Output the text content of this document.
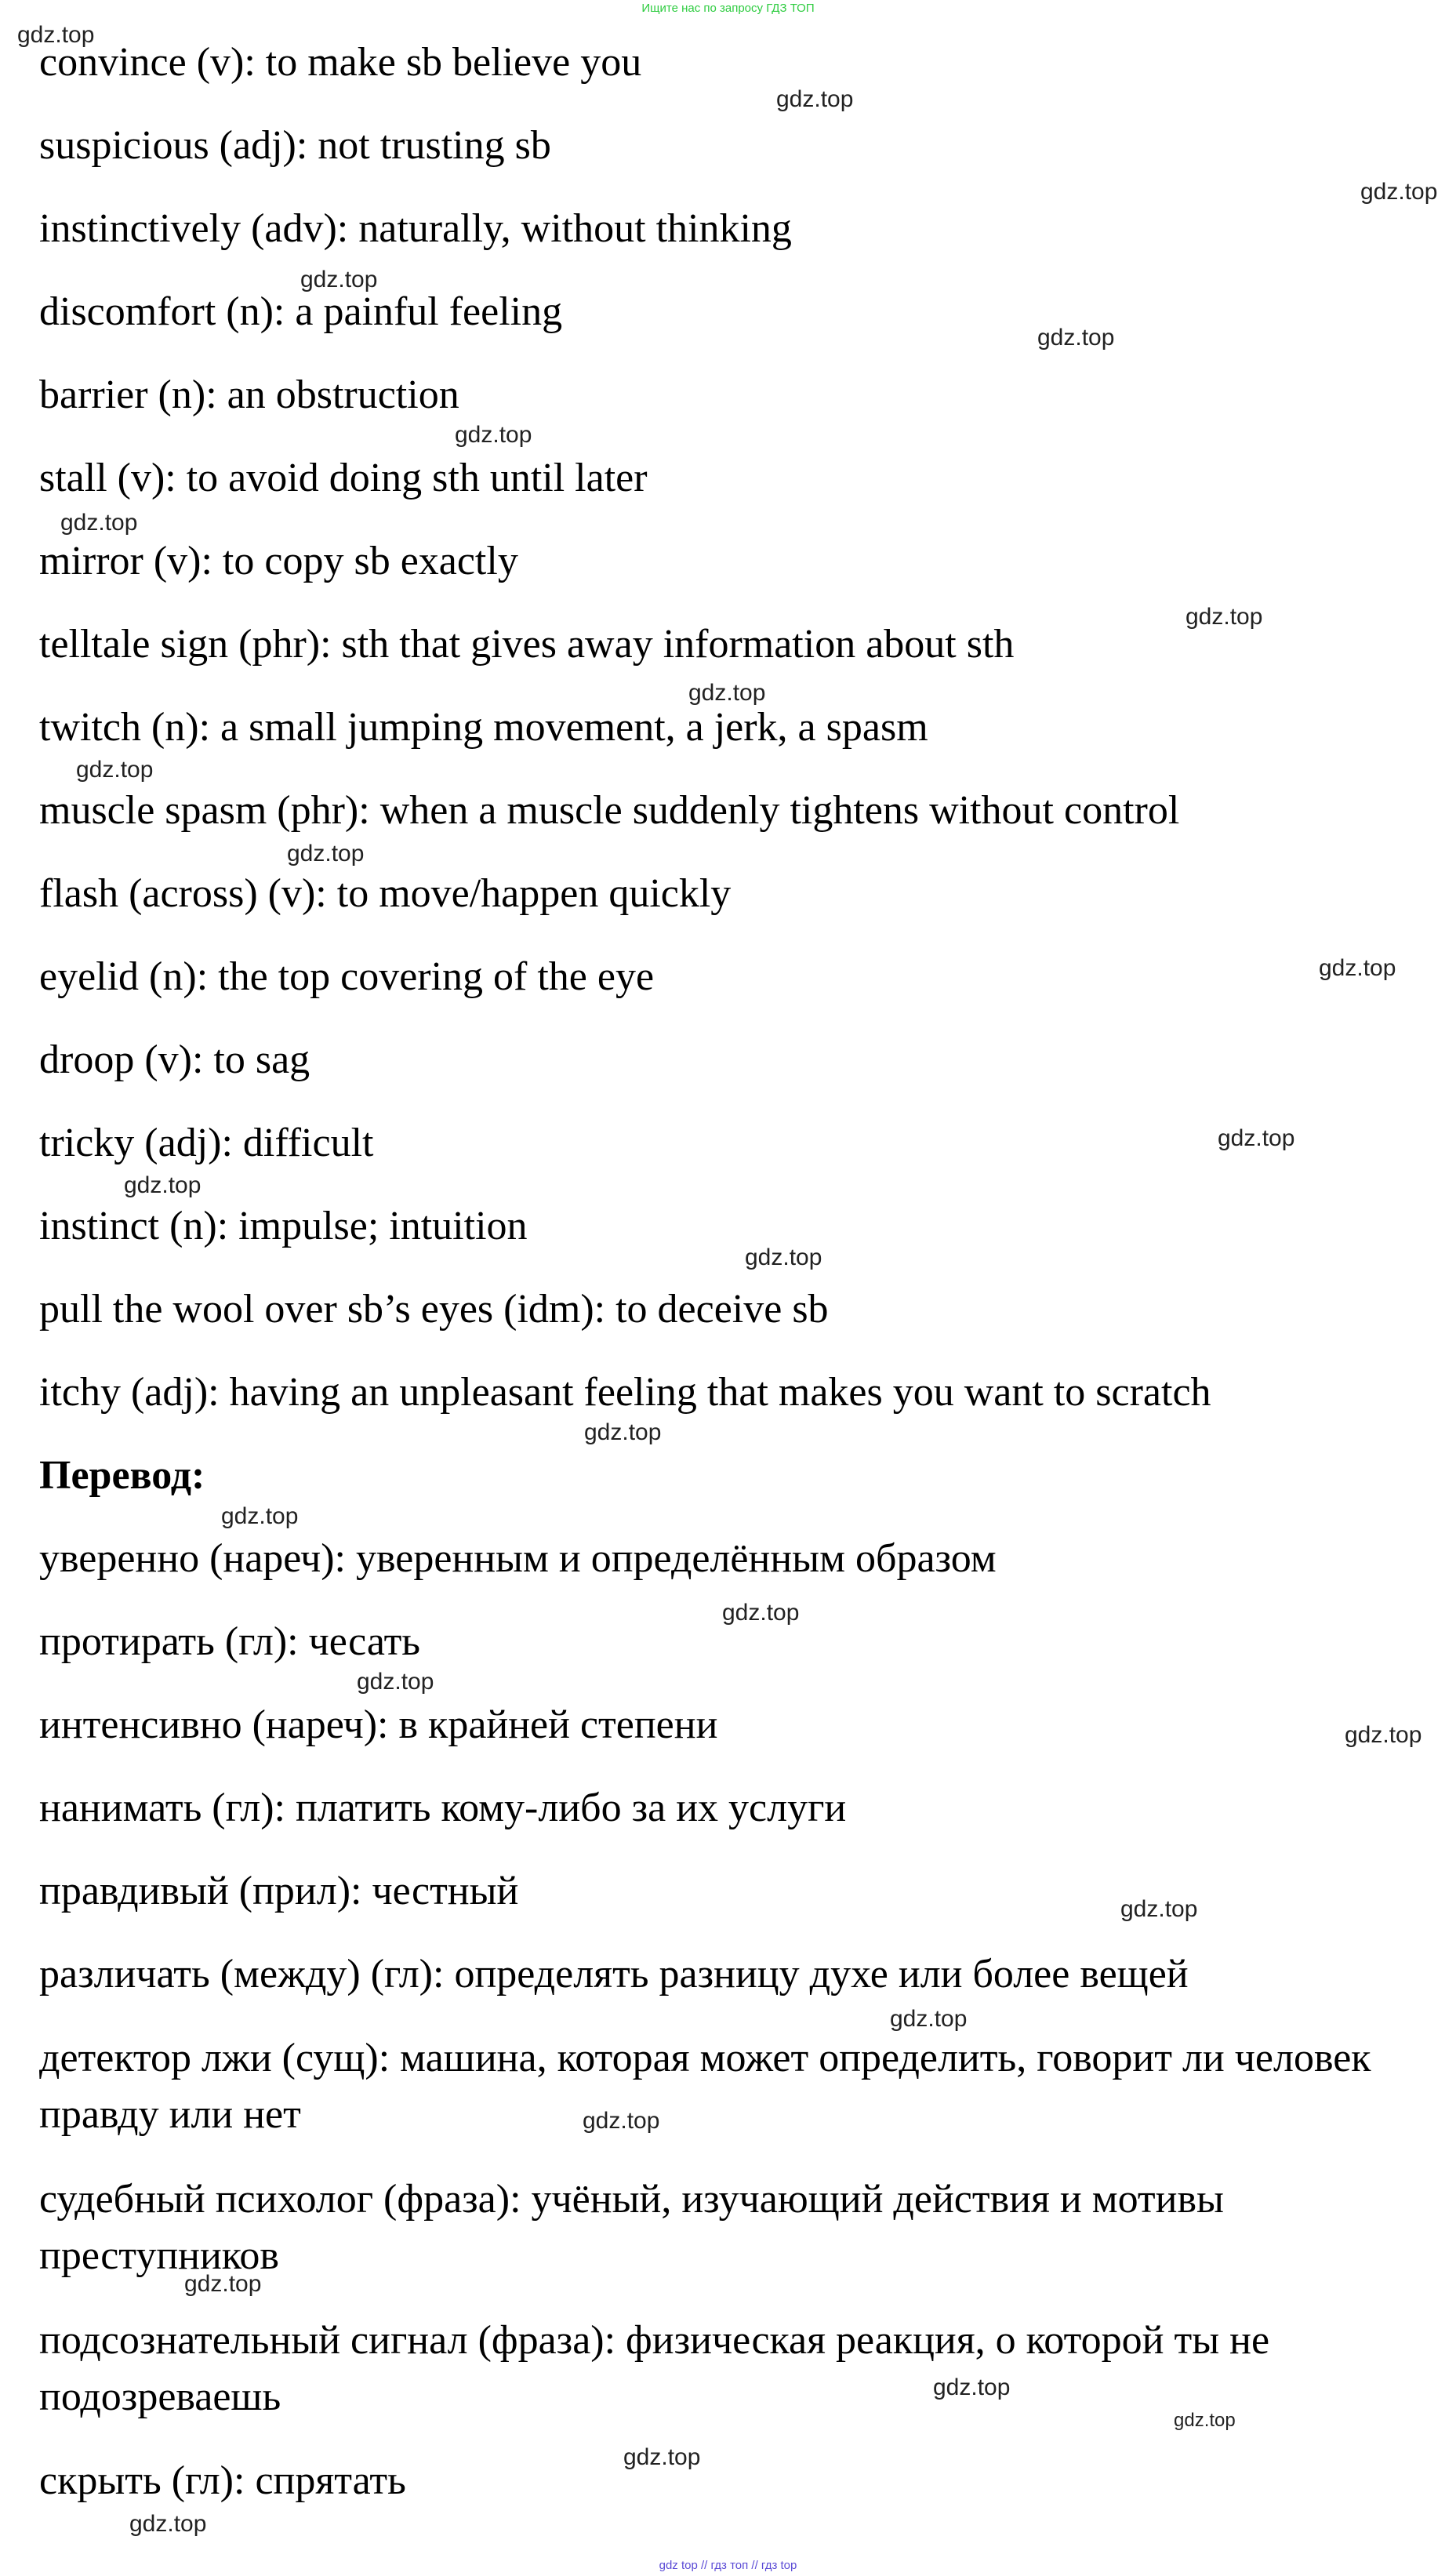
Ищите нас по запросу ГДЗ ТОП
convince (v): to make sb believe you
suspicious (adj): not trusting sb
instinctively (adv): naturally, without thinking
discomfort (n): a painful feeling
barrier (n): an obstruction
stall (v): to avoid doing sth until later
mirror (v): to copy sb exactly
telltale sign (phr): sth that gives away information about sth
twitch (n): a small jumping movement, a jerk, a spasm
muscle spasm (phr): when a muscle suddenly tightens without control
flash (across) (v): to move/happen quickly
eyelid (n): the top covering of the eye
droop (v): to sag
tricky (adj): difficult
instinct (n): impulse; intuition
pull the wool over sb’s eyes (idm): to deceive sb
itchy (adj): having an unpleasant feeling that makes you want to scratch
Перевод:
уверенно (нареч): уверенным и определённым образом
протирать (гл): чесать
интенсивно (нареч): в крайней степени
нанимать (гл): платить кому-либо за их услуги
правдивый (прил): честный
различать (между) (гл): определять разницу духе или более вещей
детектор лжи (сущ): машина, которая может определить, говорит ли человек правду или нет
судебный психолог (фраза): учёный, изучающий действия и мотивы преступников
подсознательный сигнал (фраза): физическая реакция, о которой ты не подозреваешь
скрыть (гл): спрятать
gdz.top
gdz.top
gdz.top
gdz.top
gdz.top
gdz.top
gdz.top
gdz.top
gdz.top
gdz.top
gdz.top
gdz.top
gdz.top
gdz.top
gdz.top
gdz.top
gdz.top
gdz.top
gdz.top
gdz.top
gdz.top
gdz.top
gdz.top
gdz.top
gdz.top
gdz.top
gdz.top
gdz.top
gdz top // гдз топ // гдз top
